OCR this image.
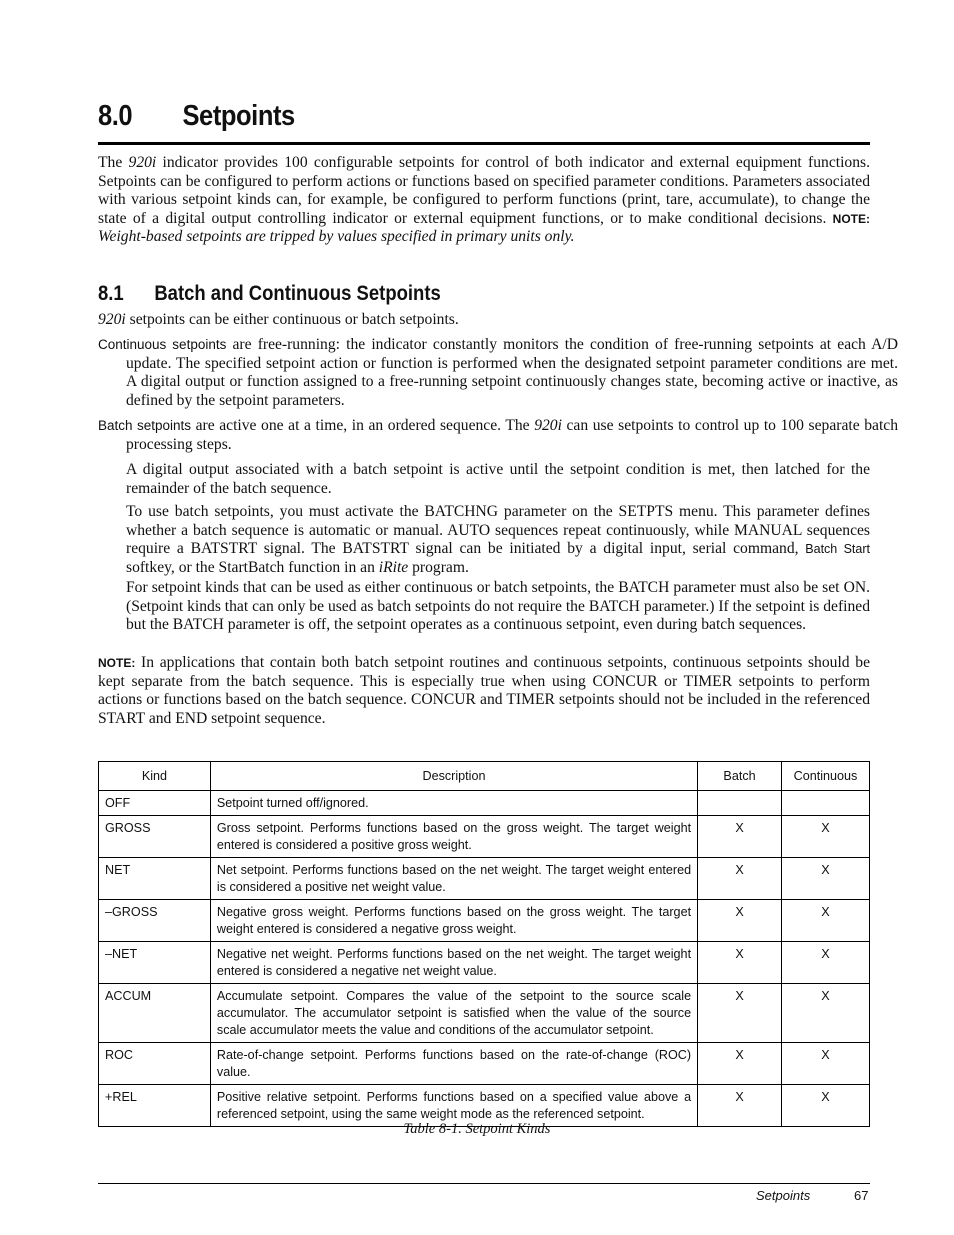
8.0 Setpoints
The 920i indicator provides 100 configurable setpoints for control of both indicator and external equipment functions. Setpoints can be configured to perform actions or functions based on specified parameter conditions. Parameters associated with various setpoint kinds can, for example, be configured to perform functions (print, tare, accumulate), to change the state of a digital output controlling indicator or external equipment functions, or to make conditional decisions. NOTE: Weight-based setpoints are tripped by values specified in primary units only.
8.1 Batch and Continuous Setpoints
920i setpoints can be either continuous or batch setpoints.
Continuous setpoints are free-running: the indicator constantly monitors the condition of free-running setpoints at each A/D update. The specified setpoint action or function is performed when the designated setpoint parameter conditions are met. A digital output or function assigned to a free-running setpoint continuously changes state, becoming active or inactive, as defined by the setpoint parameters.
Batch setpoints are active one at a time, in an ordered sequence. The 920i can use setpoints to control up to 100 separate batch processing steps.
A digital output associated with a batch setpoint is active until the setpoint condition is met, then latched for the remainder of the batch sequence.
To use batch setpoints, you must activate the BATCHNG parameter on the SETPTS menu. This parameter defines whether a batch sequence is automatic or manual. AUTO sequences repeat continuously, while MANUAL sequences require a BATSTRT signal. The BATSTRT signal can be initiated by a digital input, serial command, Batch Start softkey, or the StartBatch function in an iRite program.
For setpoint kinds that can be used as either continuous or batch setpoints, the BATCH parameter must also be set ON. (Setpoint kinds that can only be used as batch setpoints do not require the BATCH parameter.) If the setpoint is defined but the BATCH parameter is off, the setpoint operates as a continuous setpoint, even during batch sequences.
NOTE: In applications that contain both batch setpoint routines and continuous setpoints, continuous setpoints should be kept separate from the batch sequence. This is especially true when using CONCUR or TIMER setpoints to perform actions or functions based on the batch sequence. CONCUR and TIMER setpoints should not be included in the referenced START and END setpoint sequence.
Kind	Description	Batch	Continuous
OFF	Setpoint turned off/ignored.		
GROSS	Gross setpoint. Performs functions based on the gross weight. The target weight entered is considered a positive gross weight.	X	X
NET	Net setpoint. Performs functions based on the net weight. The target weight entered is considered a positive net weight value.	X	X
–GROSS	Negative gross weight. Performs functions based on the gross weight. The target weight entered is considered a negative gross weight.	X	X
–NET	Negative net weight. Performs functions based on the net weight. The target weight entered is considered a negative net weight value.	X	X
ACCUM	Accumulate setpoint. Compares the value of the setpoint to the source scale accumulator. The accumulator setpoint is satisfied when the value of the source scale accumulator meets the value and conditions of the accumulator setpoint.	X	X
ROC	Rate-of-change setpoint. Performs functions based on the rate-of-change (ROC) value.	X	X
+REL	Positive relative setpoint. Performs functions based on a specified value above a referenced setpoint, using the same weight mode as the referenced setpoint.	X	X
Table 8-1. Setpoint Kinds
Setpoints	67
